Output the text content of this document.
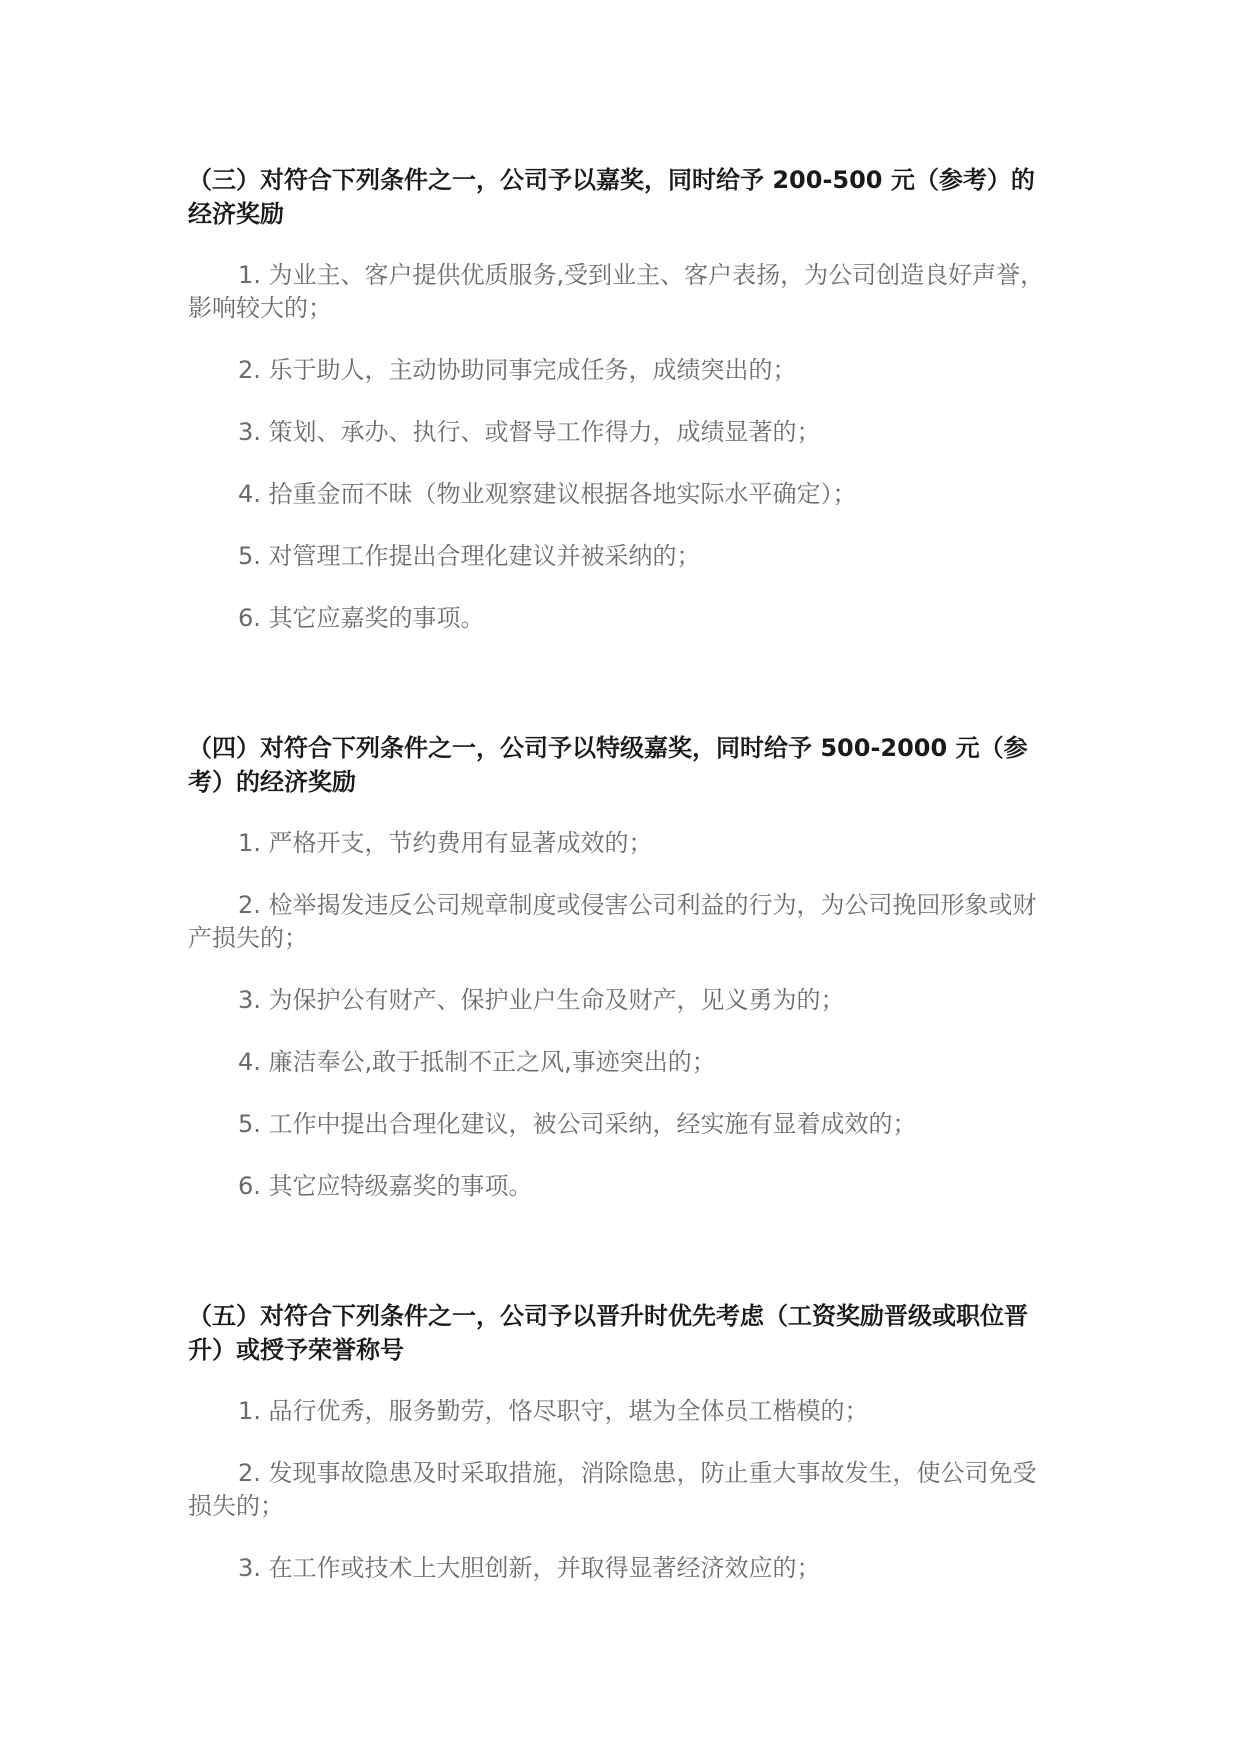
（三）对符合下列条件之一，公司予以嘉奖，同时给予 200-500 元（参考）的经济奖励
1. 为业主、客户提供优质服务,受到业主、客户表扬，为公司创造良好声誉，影响较大的；
2. 乐于助人，主动协助同事完成任务，成绩突出的；
3. 策划、承办、执行、或督导工作得力，成绩显著的；
4. 拾重金而不昧（物业观察建议根据各地实际水平确定）；
5. 对管理工作提出合理化建议并被采纳的；
6. 其它应嘉奖的事项。
（四）对符合下列条件之一，公司予以特级嘉奖，同时给予 500-2000 元（参考）的经济奖励
1. 严格开支，节约费用有显著成效的；
2. 检举揭发违反公司规章制度或侵害公司利益的行为，为公司挽回形象或财产损失的；
3. 为保护公有财产、保护业户生命及财产，见义勇为的；
4. 廉洁奉公,敢于抵制不正之风,事迹突出的；
5. 工作中提出合理化建议，被公司采纳，经实施有显着成效的；
6. 其它应特级嘉奖的事项。
（五）对符合下列条件之一，公司予以晋升时优先考虑（工资奖励晋级或职位晋升）或授予荣誉称号
1. 品行优秀，服务勤劳，恪尽职守，堪为全体员工楷模的；
2. 发现事故隐患及时采取措施，消除隐患，防止重大事故发生，使公司免受损失的；
3. 在工作或技术上大胆创新，并取得显著经济效应的；
